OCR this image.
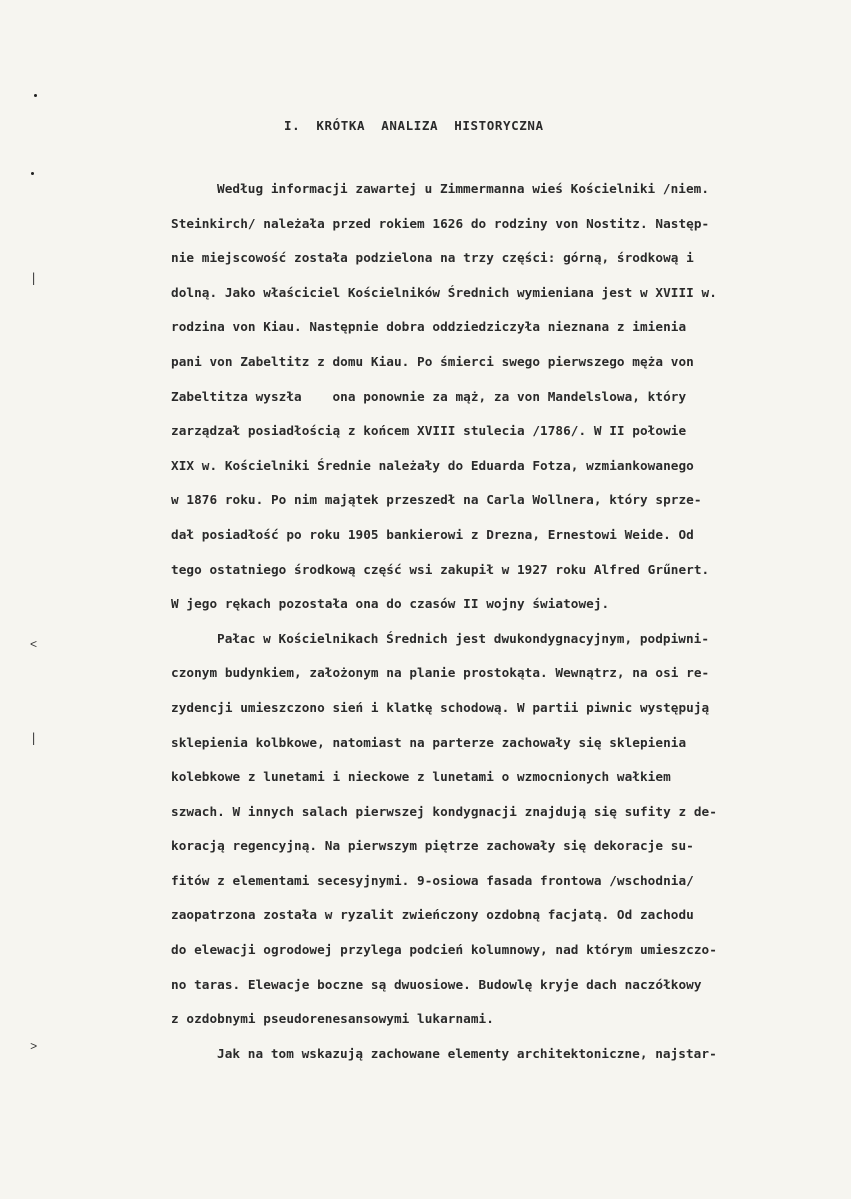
|
˂
|
˃
I. KRÓTKA ANALIZA HISTORYCZNA
Według informacji zawartej u Zimmermanna wieś Kościelniki /niem.
Steinkirch/ należała przed rokiem 1626 do rodziny von Nostitz. Następ-
nie miejscowość została podzielona na trzy części: górną, środkową i
dolną. Jako właściciel Kościelników Średnich wymieniana jest w XVIII w.
rodzina von Kiau. Następnie dobra oddziedziczyła nieznana z imienia
pani von Zabeltitz z domu Kiau. Po śmierci swego pierwszego męża von
Zabeltitza wyszła    ona ponownie za mąż, za von Mandelslowa, który
zarządzał posiadłością z końcem XVIII stulecia /1786/. W II połowie
XIX w. Kościelniki Średnie należały do Eduarda Fotza, wzmiankowanego
w 1876 roku. Po nim majątek przeszedł na Carla Wollnera, który sprze-
dał posiadłość po roku 1905 bankierowi z Drezna, Ernestowi Weide. Od
tego ostatniego środkową część wsi zakupił w 1927 roku Alfred Grűnert.
W jego rękach pozostała ona do czasów II wojny światowej.
Pałac w Kościelnikach Średnich jest dwukondygnacyjnym, podpiwni-
czonym budynkiem, założonym na planie prostokąta. Wewnątrz, na osi re-
zydencji umieszczono sień i klatkę schodową. W partii piwnic występują
sklepienia kolbkowe, natomiast na parterze zachowały się sklepienia
kolebkowe z lunetami i nieckowe z lunetami o wzmocnionych wałkiem
szwach. W innych salach pierwszej kondygnacji znajdują się sufity z de-
koracją regencyjną. Na pierwszym piętrze zachowały się dekoracje su-
fitów z elementami secesyjnymi. 9-osiowa fasada frontowa /wschodnia/
zaopatrzona została w ryzalit zwieńczony ozdobną facjatą. Od zachodu
do elewacji ogrodowej przylega podcień kolumnowy, nad którym umieszczo-
no taras. Elewacje boczne są dwuosiowe. Budowlę kryje dach naczółkowy
z ozdobnymi pseudorenesansowymi lukarnami.
Jak na tom wskazują zachowane elementy architektoniczne, najstar-
